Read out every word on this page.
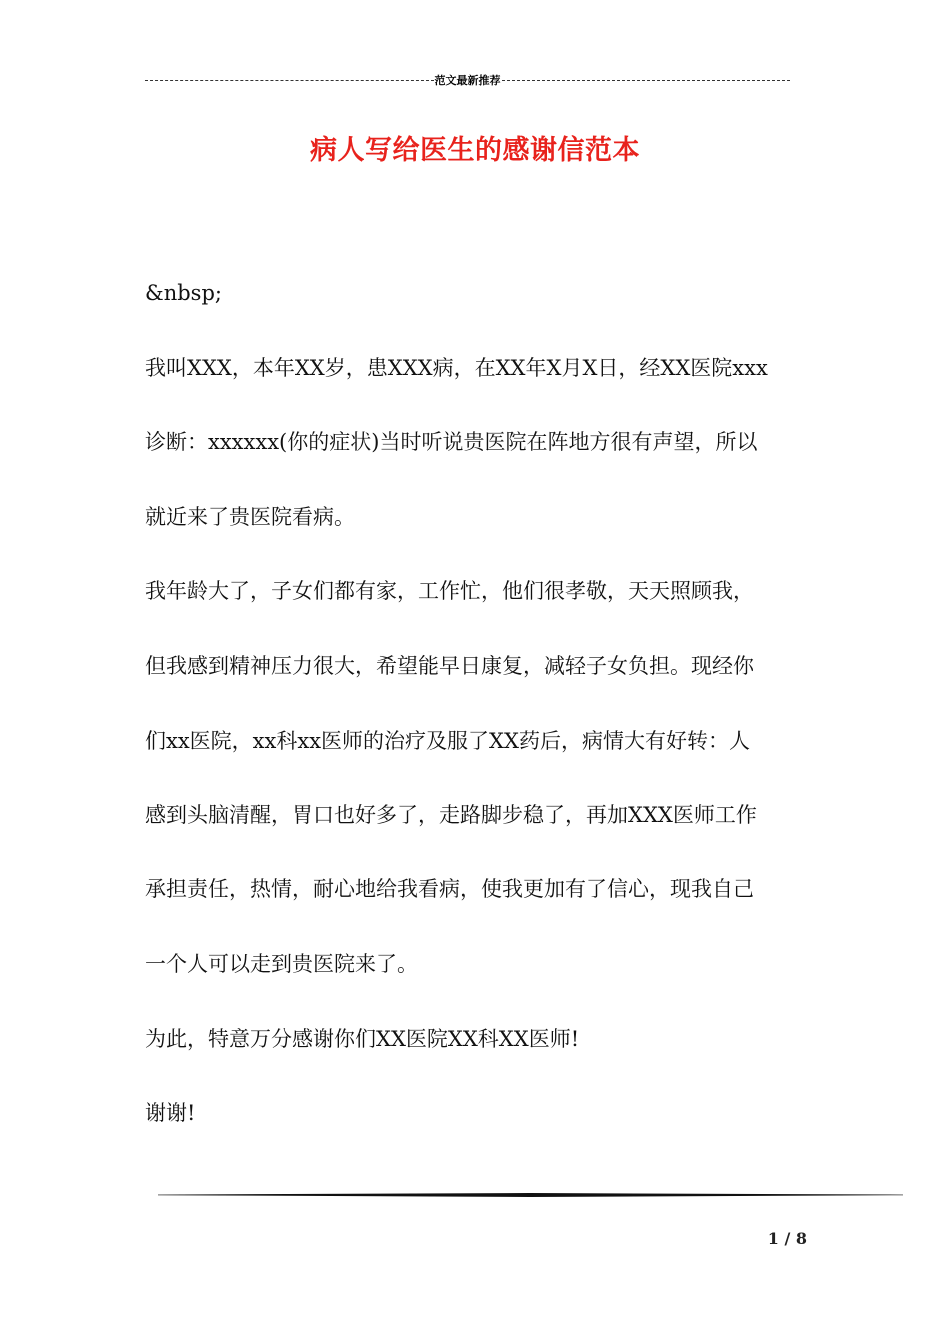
范文最新推荐
病人写给医生的感谢信范本
&nbsp;
我叫XXX，本年XX岁，患XXX病，在XX年X月X日，经XX医院xxx
诊断：xxxxxx(你的症状)当时听说贵医院在阵地方很有声望，所以
就近来了贵医院看病。
我年龄大了，子女们都有家，工作忙，他们很孝敬，天天照顾我，
但我感到精神压力很大，希望能早日康复，减轻子女负担。现经你
们xx医院，xx科xx医师的治疗及服了XX药后，病情大有好转：人
感到头脑清醒，胃口也好多了，走路脚步稳了，再加XXX医师工作
承担责任，热情，耐心地给我看病，使我更加有了信心，现我自己
一个人可以走到贵医院来了。
为此，特意万分感谢你们XX医院XX科XX医师!
谢谢!
1 / 8
